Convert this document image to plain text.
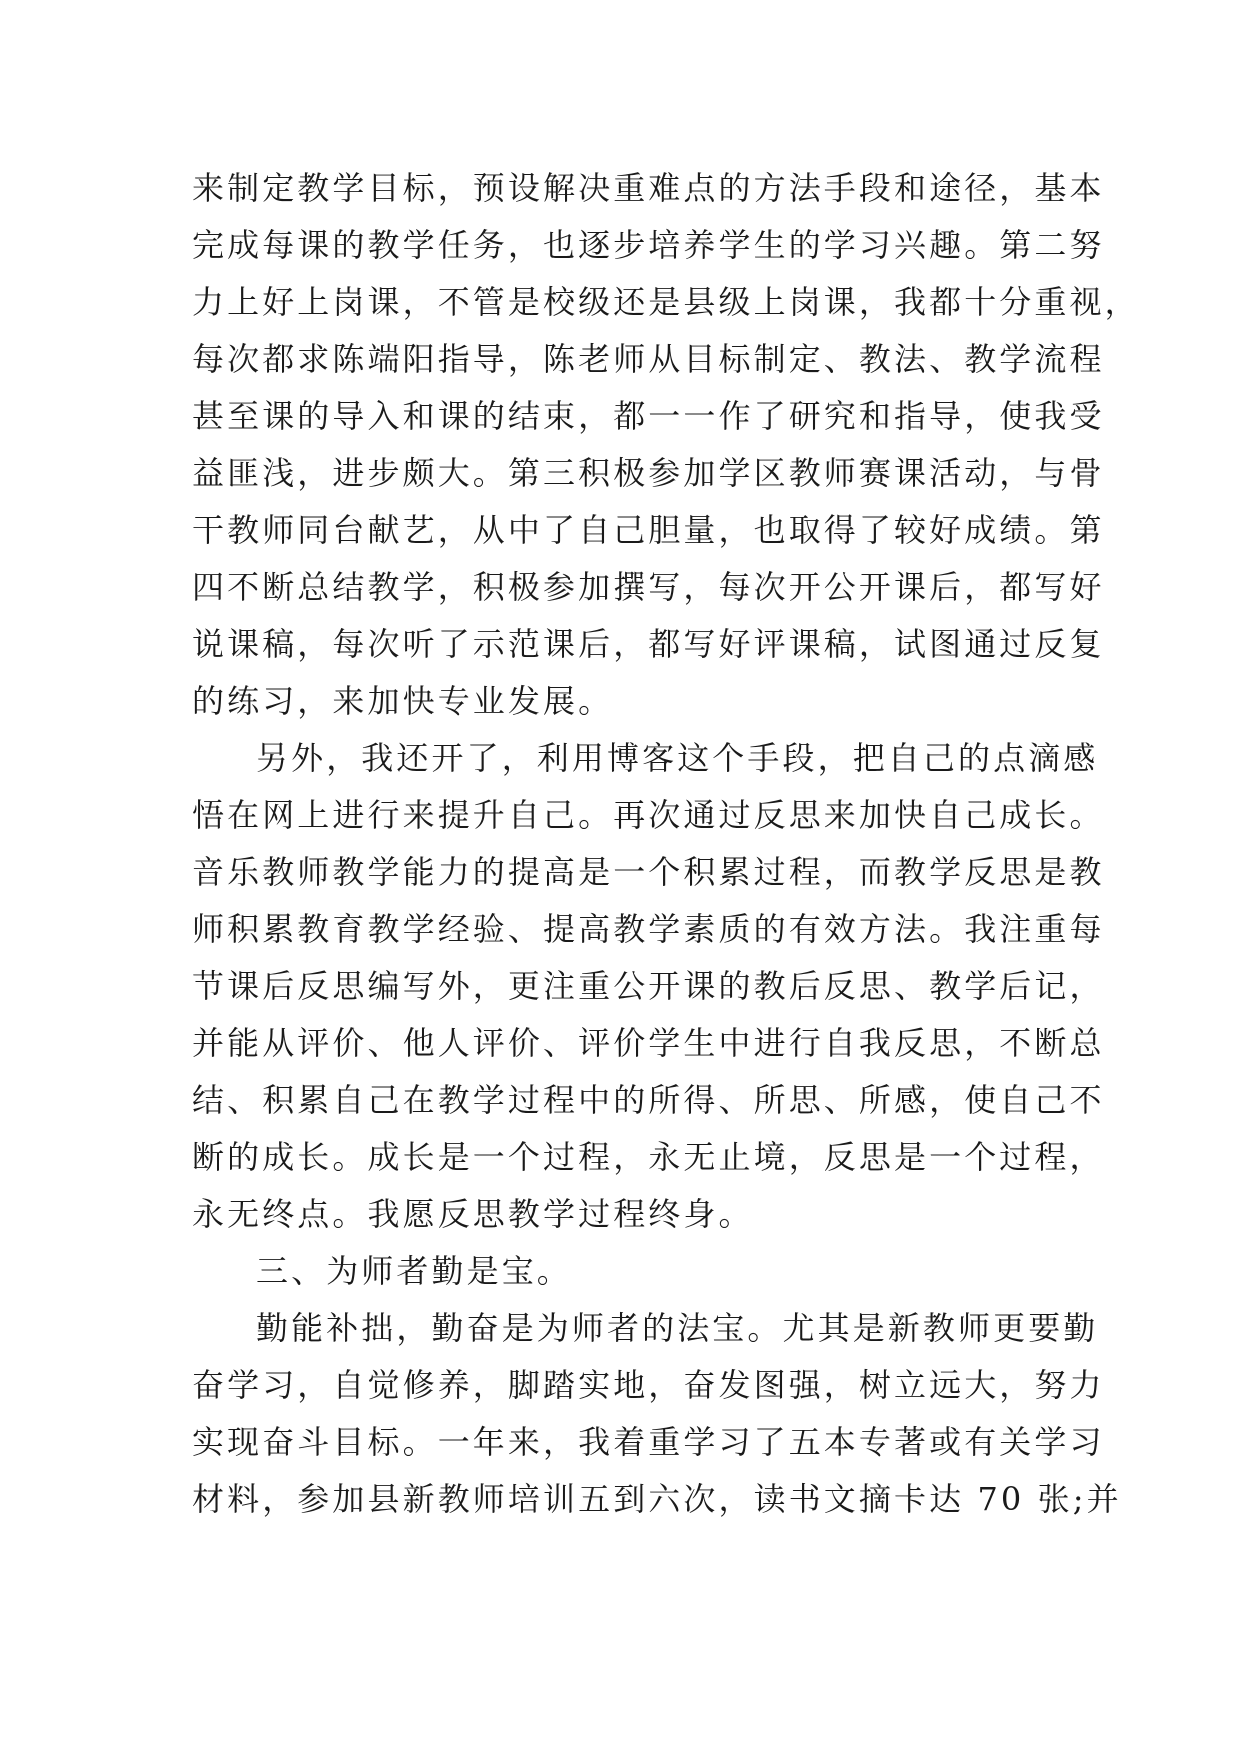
来制定教学目标，预设解决重难点的方法手段和途径，基本
完成每课的教学任务，也逐步培养学生的学习兴趣。第二努
力上好上岗课，不管是校级还是县级上岗课，我都十分重视，
每次都求陈端阳指导，陈老师从目标制定、教法、教学流程
甚至课的导入和课的结束，都一一作了研究和指导，使我受
益匪浅，进步颇大。第三积极参加学区教师赛课活动，与骨
干教师同台献艺，从中了自己胆量，也取得了较好成绩。第
四不断总结教学，积极参加撰写，每次开公开课后，都写好
说课稿，每次听了示范课后，都写好评课稿，试图通过反复
的练习，来加快专业发展。
另外，我还开了，利用博客这个手段，把自己的点滴感
悟在网上进行来提升自己。再次通过反思来加快自己成长。
音乐教师教学能力的提高是一个积累过程，而教学反思是教
师积累教育教学经验、提高教学素质的有效方法。我注重每
节课后反思编写外，更注重公开课的教后反思、教学后记，
并能从评价、他人评价、评价学生中进行自我反思，不断总
结、积累自己在教学过程中的所得、所思、所感，使自己不
断的成长。成长是一个过程，永无止境，反思是一个过程，
永无终点。我愿反思教学过程终身。
三、为师者勤是宝。
勤能补拙，勤奋是为师者的法宝。尤其是新教师更要勤
奋学习，自觉修养，脚踏实地，奋发图强，树立远大，努力
实现奋斗目标。一年来，我着重学习了五本专著或有关学习
材料，参加县新教师培训五到六次，读书文摘卡达 70 张;并
